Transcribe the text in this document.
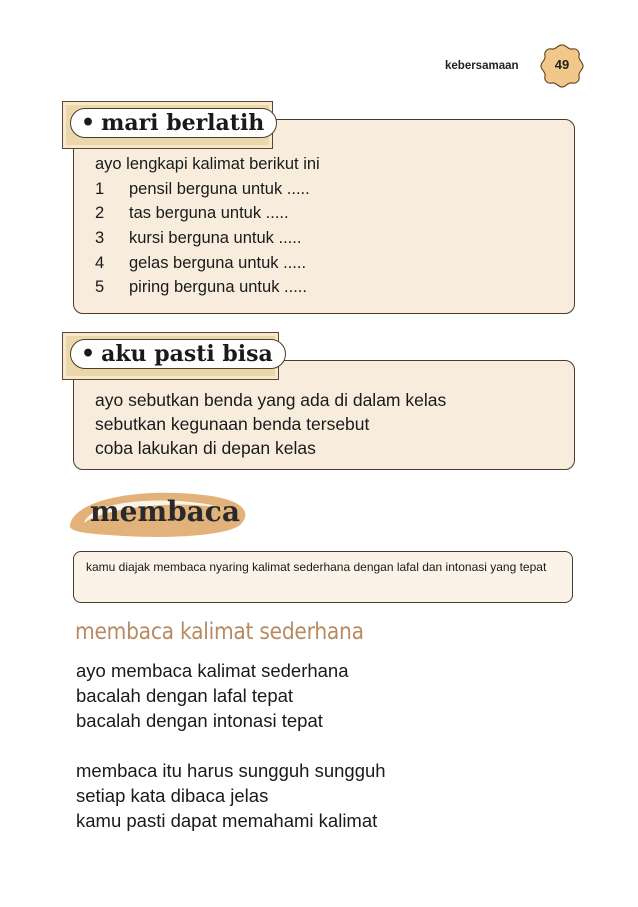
kebersamaan	49
• mari berlatih
ayo lengkapi kalimat berikut ini
1 pensil berguna untuk .....
2 tas berguna untuk .....
3 kursi berguna untuk .....
4 gelas berguna untuk .....
5 piring berguna untuk .....
• aku pasti bisa
ayo sebutkan benda yang ada di dalam kelas
sebutkan kegunaan benda tersebut
coba lakukan di depan kelas
membaca
kamu diajak membaca nyaring kalimat sederhana dengan lafal dan intonasi yang tepat
membaca kalimat sederhana
ayo membaca kalimat sederhana
bacalah dengan lafal tepat
bacalah dengan intonasi tepat
membaca itu harus sungguh sungguh
setiap kata dibaca jelas
kamu pasti dapat memahami kalimat
